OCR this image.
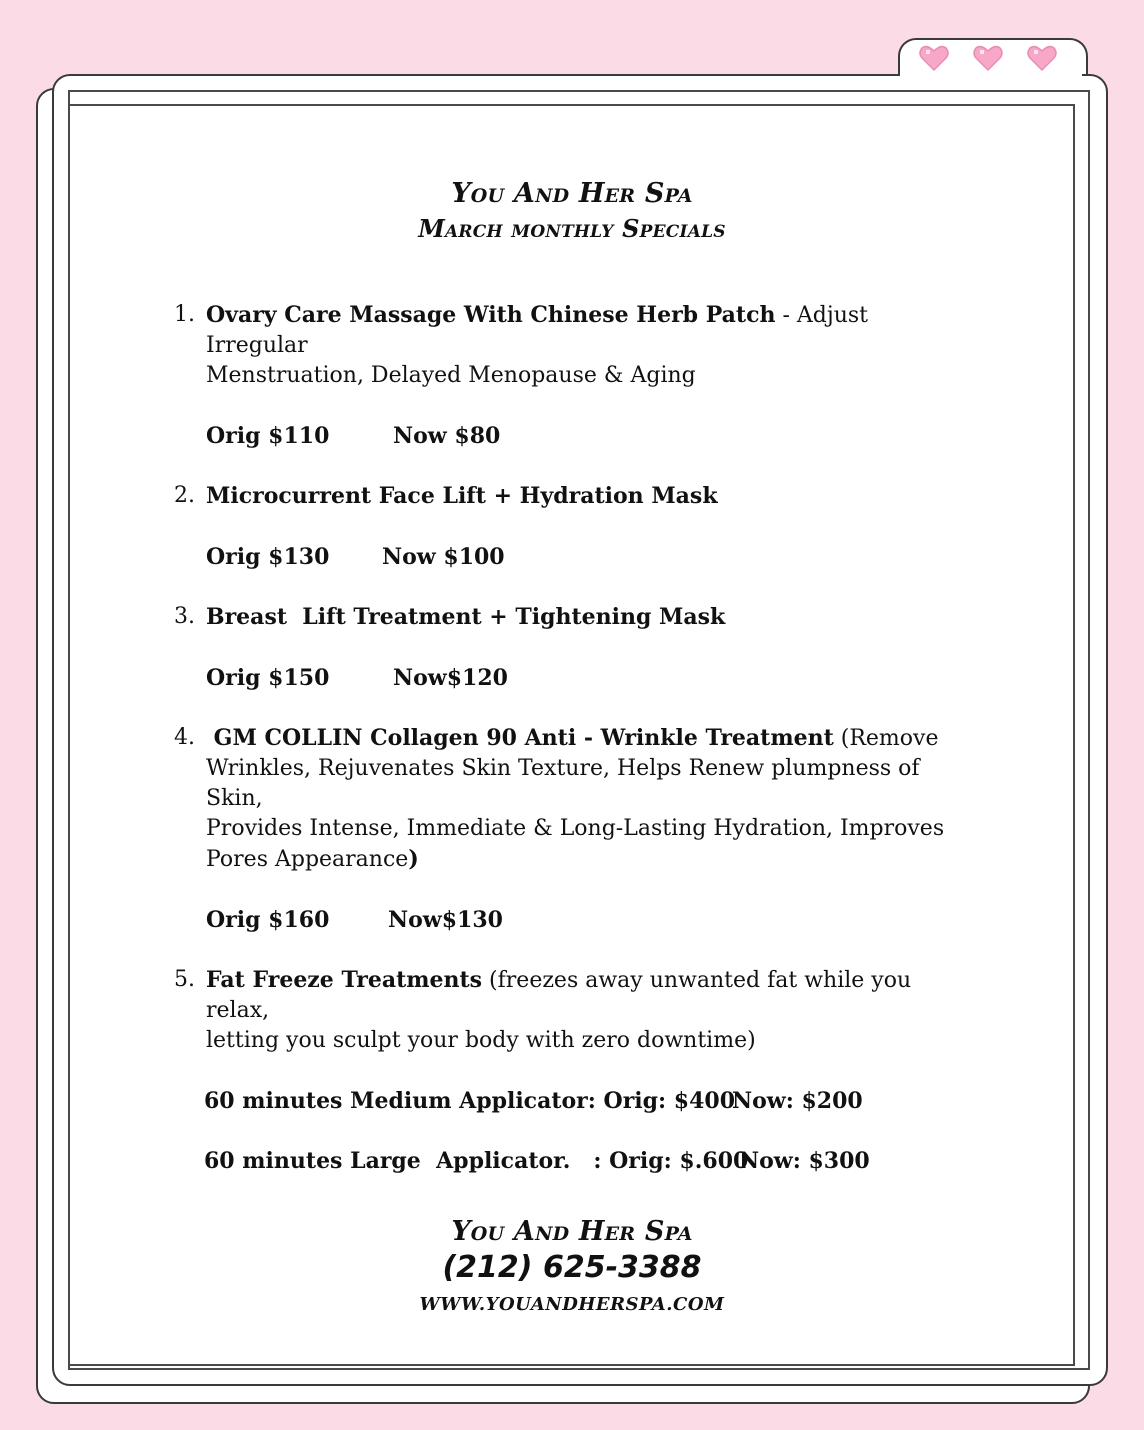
You And Her Spa
March monthly Specials
1. Ovary Care Massage With Chinese Herb Patch - Adjust Irregular
Menstruation, Delayed Menopause & Aging
Orig $110	Now $80
2. Microcurrent Face Lift + Hydration Mask
Orig $130 Now $100
3. Breast  Lift Treatment + Tightening Mask
Orig $150	Now$120
4. GM COLLIN Collagen 90 Anti - Wrinkle Treatment (Remove
Wrinkles, Rejuvenates Skin Texture, Helps Renew plumpness of Skin,
Provides Intense, Immediate & Long-Lasting Hydration, Improves
Pores Appearance)
Orig $160	Now$130
5. Fat Freeze Treatments (freezes away unwanted fat while you relax,
letting you sculpt your body with zero downtime)
60 minutes Medium Applicator: Orig: $400
Now: $200
60 minutes Large  Applicator.   : Orig: $.600
Now: $300
You And Her Spa
(212) 625-3388
WWW.YOUANDHERSPA.COM
